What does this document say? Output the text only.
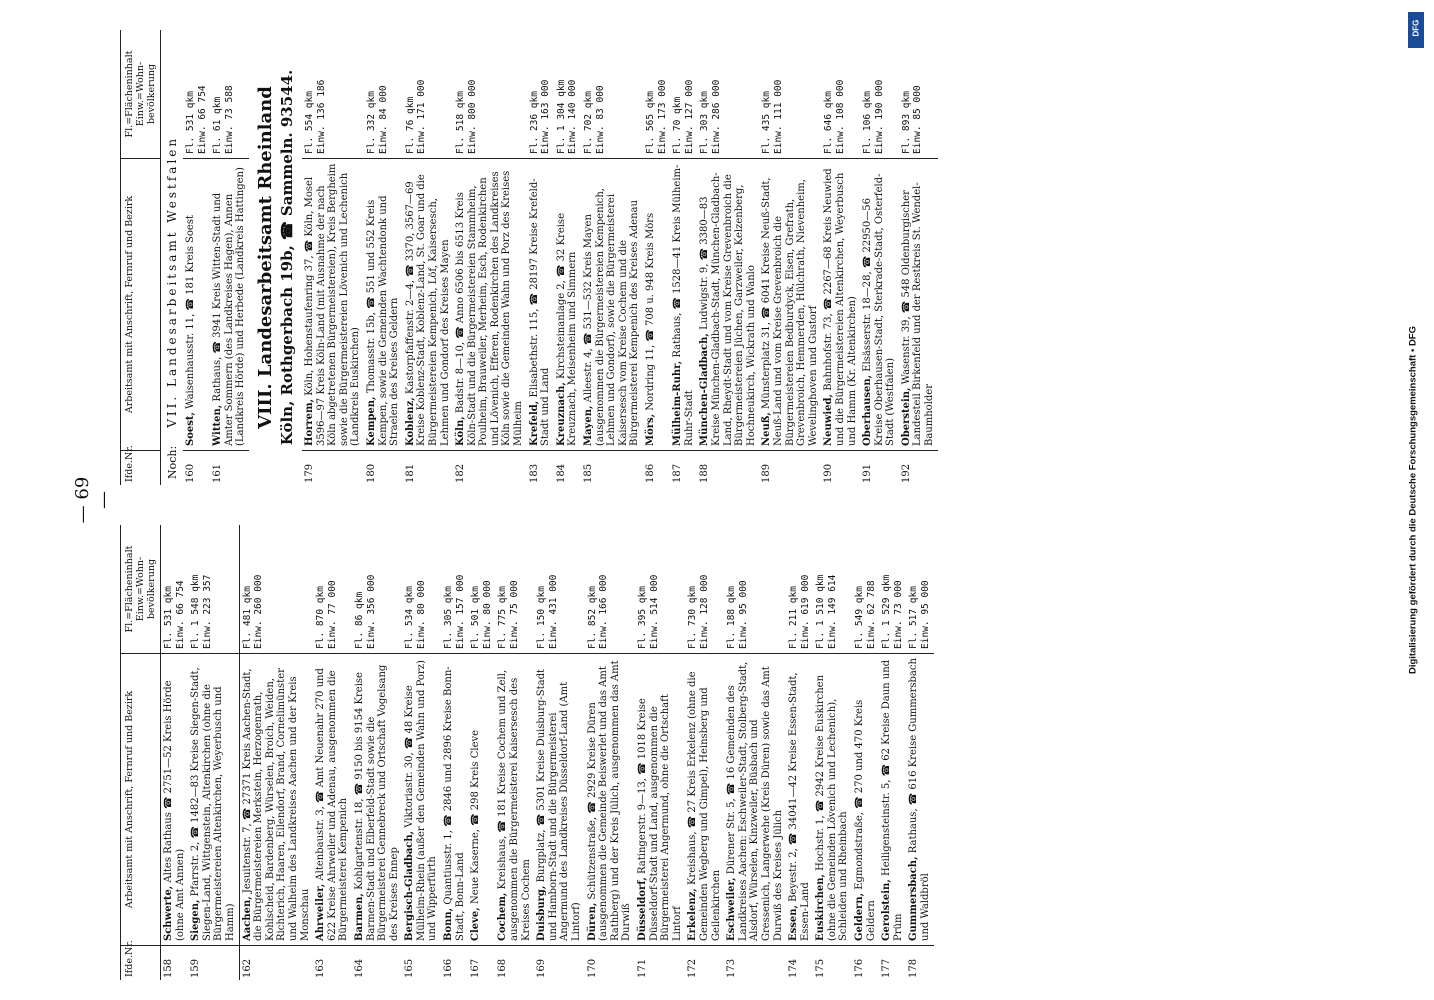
— 69 —
Ifde.Nr.
Arbeitsamt mit Anschrift, Fernruf und Bezirk
Fl.=Flächeninhalt Einw.=Wohn-bevölkerung
158
Schwerte, Altes Rathaus ☎ 2751—52 Kreis Hörde (ohne Amt Annen)
Fl. 531 qkm Einw. 66 754
159
Siegen, Pfarrstr. 2, ☎ 1482—83 Kreise Siegen-Stadt, Siegen-Land, Wittgenstein, Altenkirchen (ohne die Bürgermeistereien Altenkirchen, Weyerbusch und Hamm)
Fl. 1 548 qkm Einw. 223 357
162
Aachen, Jesuitenstr. 7, ☎ 27371 Kreis Aachen-Stadt, die Bürgermeistereien Merkstein, Herzogenrath, Kohlscheid, Bardenberg, Würselen, Broich, Weiden, Richterich, Haaren, Eilendorf, Brand, Cornelimünster und Walheim des Landkreises Aachen und der Kreis Monschau
Fl. 481 qkm Einw. 260 000
163
Ahrweiler, Altenbaustr. 3, ☎ Amt Neuenahr 270 und 622 Kreise Ahrweiler und Adenau, ausgenommen die Bürgermeisterei Kempenich
Fl. 870 qkm Einw. 77 000
164
Barmen, Kohlgartenstr. 18, ☎ 9150 bis 9154 Kreise Barmen-Stadt und Elberfeld-Stadt sowie die Bürgermeisterei Gennebreck und Ortschaft Vogelsang des Kreises Ennep
Fl. 86 qkm Einw. 356 000
165
Bergisch-Gladbach, Viktoriastr. 30, ☎ 48 Kreise Mülheim-Rhein (außer den Gemeinden Wahn und Porz) und Wipperfürth
Fl. 534 qkm Einw. 80 000
166
Bonn, Quantiusstr. 1, ☎ 2846 und 2896 Kreise Bonn-Stadt, Bonn-Land
Fl. 305 qkm Einw. 157 000
167
Cleve, Neue Kaserne, ☎ 298 Kreis Cleve
Fl. 501 qkm Einw. 80 000
168
Cochem, Kreishaus, ☎ 181 Kreise Cochem und Zell, ausgenommen die Bürgermeisterei Kaisersesch des Kreises Cochem
Fl. 775 qkm Einw. 75 000
169
Duisburg, Burgplatz, ☎ 5301 Kreise Duisburg-Stadt und Hamborn-Stadt und die Bürgermeisterei Angermund des Landkreises Düsseldorf-Land (Amt Lintorf)
Fl. 150 qkm Einw. 431 000
170
Düren, Schützenstraße, ☎ 2929 Kreise Düren (ausgenommen die Gemeinde Beiswerlet und das Amt Rathberg) und der Kreis Jülich, ausgenommen das Amt Durwiß
Fl. 852 qkm Einw. 166 000
171
Düsseldorf, Ratingerstr. 9—13, ☎ 1018 Kreise Düsseldorf-Stadt und Land, ausgenommen die Bürgermeisterei Angermund, ohne die Ortschaft Lintorf
Fl. 395 qkm Einw. 514 000
172
Erkelenz, Kreishaus, ☎ 27 Kreis Erkelenz (ohne die Gemeinden Wegberg und Gimpel), Heinsberg und Geilenkirchen
Fl. 730 qkm Einw. 128 000
173
Eschweiler, Dürener Str. 5, ☎ 16 Gemeinden des Landkreises Aachen: Eschweiler-Stadt, Stolberg-Stadt, Alsdorf, Würselen, Kinzweiler, Büsbach und Gressenich, Langerwehe (Kreis Düren) sowie das Amt Durwiß des Kreises Jülich
Fl. 188 qkm Einw. 95 000
174
Essen, Beyestr. 2, ☎ 34041—42 Kreise Essen-Stadt, Essen-Land
Fl. 211 qkm Einw. 619 000
175
Euskirchen, Hochstr. 1, ☎ 2942 Kreise Euskirchen (ohne die Gemeinden Lövenich und Lechenich), Schleiden und Rheinbach
Fl. 1 510 qkm Einw. 149 614
176
Geldern, Egmondstraße, ☎ 270 und 470 Kreis Geldern
Fl. 549 qkm Einw. 62 788
177
Gerolstein, Heiligensteinstr. 5, ☎ 62 Kreise Daun und Prüm
Fl. 1 529 qkm Einw. 73 000
178
Gummersbach, Rathaus, ☎ 616 Kreise Gummersbach und Waldbröl
Fl. 517 qkm Einw. 95 000
Ifde.Nr.
Arbeitsamt mit Anschrift, Fernruf und Bezirk
Fl.=Flächeninhalt Einw.=Wohn-bevölkerung
Noch:VII. Landesarbeitsamt Westfalen
160
Soest, Waisenhausstr. 11, ☎ 181 Kreis Soest
Fl. 531 qkm Einw. 66 754
161
Witten, Rathaus, ☎ 3941 Kreis Witten-Stadt und Amter Sommern (des Landkreises Hagen), Annen (Landkreis Hörde) und Herbede (Landkreis Hattingen)
Fl. 61 qkm Einw. 73 588 VIII. Landesarbeitsamt Rheinland Köln, Rothgerbach 19b, ☎ Sammeln. 93544.
179
Horrem, Köln, Hohenstaufenring 37, ☎ Köln, Mosel 3596—97 Kreis Köln-Land (mit Ausnahme der nach Köln abgetretenen Bürgermeistereien), Kreis Bergheim sowie die Bürgermeistereien Lövenich und Lechenich (Landkreis Euskirchen)
Fl. 554 qkm Einw. 136 186
180
Kempen, Thomasstr. 15b, ☎ 551 und 552 Kreis Kempen, sowie die Gemeinden Wachtendonk und Straelen des Kreises Geldern
Fl. 332 qkm Einw. 84 000
181
Koblenz, Kastorpfaffenstr. 2—4, ☎ 3370, 3567—69 Kreise Koblenz-Stadt, Koblenz-Land, St. Goar und die Bürgermeistereien Kempenich, Löf, Kaisersesch, Lehmen und Gondorf des Kreises Mayen
Fl. 76 qkm Einw. 171 000
182
Köln, Badstr. 8—10, ☎ Anno 6506 bis 6513 Kreis Köln-Stadt und die Bürgermeistereien Stammheim, Poulheim, Brauweiler, Merheim, Esch, Rodenkirchen und Lövenich, Efferen, Rodenkirchen des Landkreises Köln sowie die Gemeinden Wahn und Porz des Kreises Mülheim
Fl. 518 qkm Einw. 800 000
183
Krefeld, Elisabethstr. 115, ☎ 28197 Kreise Krefeld-Stadt und Land
Fl. 236 qkm Einw. 163 000
184
Kreuznach, Kirchsteinanlage 2, ☎ 32 Kreise Kreuznach, Meisenheim und Simmern
Fl. 1 304 qkm Einw. 140 000
185
Mayen, Alleestr. 4, ☎ 531—532 Kreis Mayen (ausgenommen die Bürgermeistereien Kempenich, Lehmen und Gondorf), sowie die Bürgermeisterei Kaisersesch vom Kreise Cochem und die Bürgermeisterei Kempenich des Kreises Adenau
Fl. 702 qkm Einw. 83 000
186
Mörs, Nordring 11, ☎ 708 u. 948 Kreis Mörs
Fl. 565 qkm Einw. 173 000
187
Mülheim-Ruhr, Rathaus, ☎ 1528—41 Kreis Mülheim-Ruhr-Stadt
Fl. 70 qkm Einw. 127 000
188
München-Gladbach, Ludwigstr. 9, ☎ 3380—83 Kreise München-Gladbach-Stadt, München-Gladbach-Land, Rheydt-Stadt und vom Kreise Grevenbroich die Bürgermeistereien Jüchen, Garzweiler, Kelzenberg, Hochneukirch, Wickrath und Wanlo
Fl. 303 qkm Einw. 286 000
189
Neuß, Münsterplatz 31, ☎ 6041 Kreise Neuß-Stadt, Neuß-Land und vom Kreise Grevenbroich die Bürgermeistereien Bedburdyck, Elsen, Grefrath, Grevenbroich, Hemmerden, Hülchrath, Nievenheim, Wevelinghoven und Gustorf
Fl. 435 qkm Einw. 111 000
190
Neuwied, Bahnhofstr. 73, ☎ 2267—68 Kreis Neuwied und die Bürgermeistereien Altenkirchen, Weyerbusch und Hamm (Kr. Altenkirchen)
Fl. 646 qkm Einw. 108 000
191
Oberhausen, Elsässerstr. 18—28, ☎ 22950—56 Kreise Oberhausen-Stadt, Sterkrade-Stadt, Osterfeld-Stadt (Westfalen)
Fl. 106 qkm Einw. 190 000
192
Oberstein, Wasenstr. 39, ☎ 548 Oldenburgischer Landesteil Birkenfeld und der Restkreis St. Wendel-Baumholder
Fl. 893 qkm Einw. 85 000
DFG
Digitalisierung gefördert durch die Deutsche Forschungsgemeinschaft • DFG
